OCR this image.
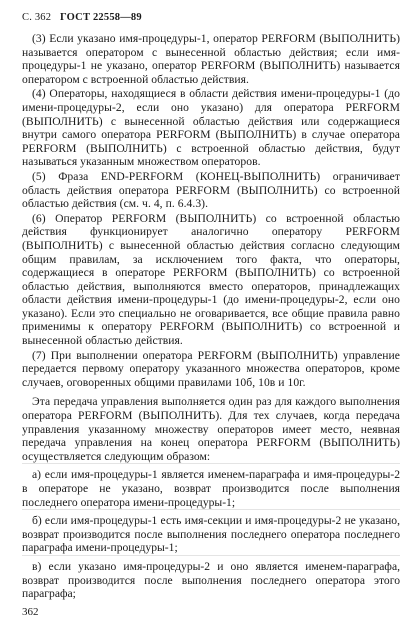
С. 362 ГОСТ 22558—89

(3) Если указано имя-процедуры-1, оператор PERFORM (ВЫПОЛНИТЬ) называется оператором с вынесенной областью действия; если имя-процедуры-1 не указано, оператор PERFORM (ВЫПОЛНИТЬ) называется оператором с встроенной областью действия.

(4) Операторы, находящиеся в области действия имени-процедуры-1 (до имени-процедуры-2, если оно указано) для оператора PERFORM (ВЫПОЛНИТЬ) с вынесенной областью действия или содержащиеся внутри самого оператора PERFORM (ВЫПОЛНИТЬ) в случае оператора PERFORM (ВЫПОЛНИТЬ) с встроенной областью действия, будут называться указанным множеством операторов.

(5) Фраза END-PERFORM (КОНЕЦ-ВЫПОЛНИТЬ) ограничивает область действия оператора PERFORM (ВЫПОЛНИТЬ) со встроенной областью действия (см. ч. 4, п. 6.4.3).

(6) Оператор PERFORM (ВЫПОЛНИТЬ) со встроенной областью действия функционирует аналогично оператору PERFORM (ВЫПОЛНИТЬ) с вынесенной областью действия согласно следующим общим правилам, за исключением того факта, что операторы, содержащиеся в операторе PERFORM (ВЫПОЛНИТЬ) со встроенной областью действия, выполняются вместо операторов, принадлежащих области действия имени-процедуры-1 (до имени-процедуры-2, если оно указано). Если это специально не оговаривается, все общие правила равно применимы к оператору PERFORM (ВЫПОЛНИТЬ) со встроенной и вынесенной областью действия.

(7) При выполнении оператора PERFORM (ВЫПОЛНИТЬ) управление передается первому оператору указанного множества операторов, кроме случаев, оговоренных общими правилами 10б, 10в и 10г.

Эта передача управления выполняется один раз для каждого выполнения оператора PERFORM (ВЫПОЛНИТЬ). Для тех случаев, когда передача управления указанному множеству операторов имеет место, неявная передача управления на конец оператора PERFORM (ВЫПОЛНИТЬ) осуществляется следующим образом:

а) если имя-процедуры-1 является именем-параграфа и имя-процедуры-2 в операторе не указано, возврат производится после выполнения последнего оператора имени-процедуры-1;

б) если имя-процедуры-1 есть имя-секции и имя-процедуры-2 не указано, возврат производится после выполнения последнего оператора последнего параграфа имени-процедуры-1;

в) если указано имя-процедуры-2 и оно является именем-параграфа, возврат производится после выполнения последнего оператора этого параграфа;

362
